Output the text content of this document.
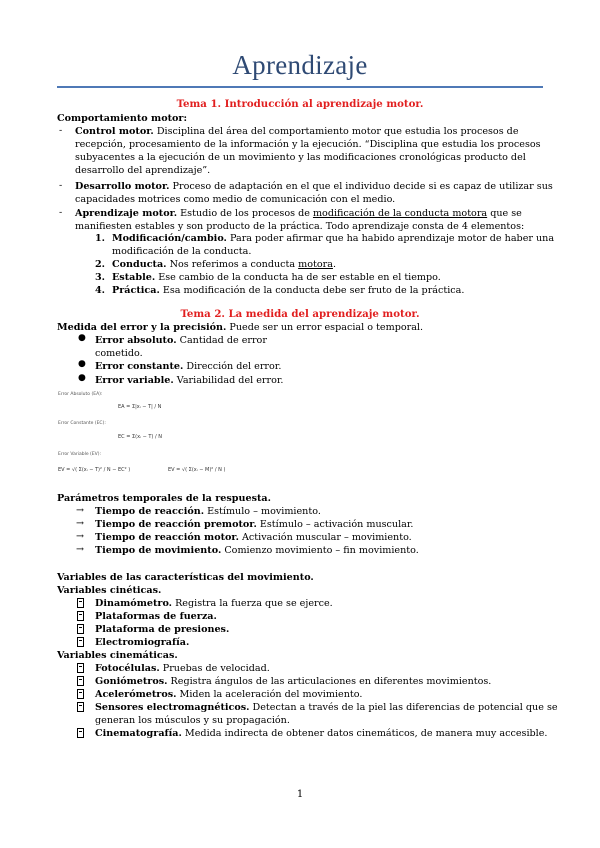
Aprendizaje
Tema 1. Introducción al aprendizaje motor.
Comportamiento motor:
- Control motor. Disciplina del área del comportamiento motor que estudia los procesos de
recepción, procesamiento de la información y la ejecución. “Disciplina que estudia los procesos
subyacentes a la ejecución de un movimiento y las modificaciones cronológicas producto del
desarrollo del aprendizaje”.
- Desarrollo motor. Proceso de adaptación en el que el individuo decide si es capaz de utilizar sus
capacidades motrices como medio de comunicación con el medio.
- Aprendizaje motor. Estudio de los procesos de modificación de la conducta motora que se
manifiesten estables y son producto de la práctica. Todo aprendizaje consta de 4 elementos:
1. Modificación/cambio. Para poder afirmar que ha habido aprendizaje motor de haber una
modificación de la conducta.
2. Conducta. Nos referimos a conducta motora.
3. Estable. Ese cambio de la conducta ha de ser estable en el tiempo.
4. Práctica. Esa modificación de la conducta debe ser fruto de la práctica.
Tema 2. La medida del aprendizaje motor.
Medida del error y la precisión. Puede ser un error espacial o temporal.
● Error absoluto. Cantidad de error
cometido.
● Error constante. Dirección del error.
● Error variable. Variabilidad del error.
Error Absoluto (EA):
EA = Σ|xᵢ − T| / N
Error Constante (EC):
EC = Σ(xᵢ − T) / N
Error Variable (EV):
EV = √( Σ(xᵢ − T)² / N − EC² )	EV = √( Σ(xᵢ − M)² / N )
Parámetros temporales de la respuesta.
→ Tiempo de reacción. Estímulo – movimiento.
→ Tiempo de reacción premotor. Estímulo – activación muscular.
→ Tiempo de reacción motor. Activación muscular – movimiento.
→ Tiempo de movimiento. Comienzo movimiento – fin movimiento.
Variables de las características del movimiento.
Variables cinéticas.
Dinamómetro. Registra la fuerza que se ejerce.
Plataformas de fuerza.
Plataforma de presiones.
Electromiografía.
Variables cinemáticas.
Fotocélulas. Pruebas de velocidad.
Goniómetros. Registra ángulos de las articulaciones en diferentes movimientos.
Acelerómetros. Miden la aceleración del movimiento.
Sensores electromagnéticos. Detectan a través de la piel las diferencias de potencial que se
generan los músculos y su propagación.
Cinematografía. Medida indirecta de obtener datos cinemáticos, de manera muy accesible.
1
